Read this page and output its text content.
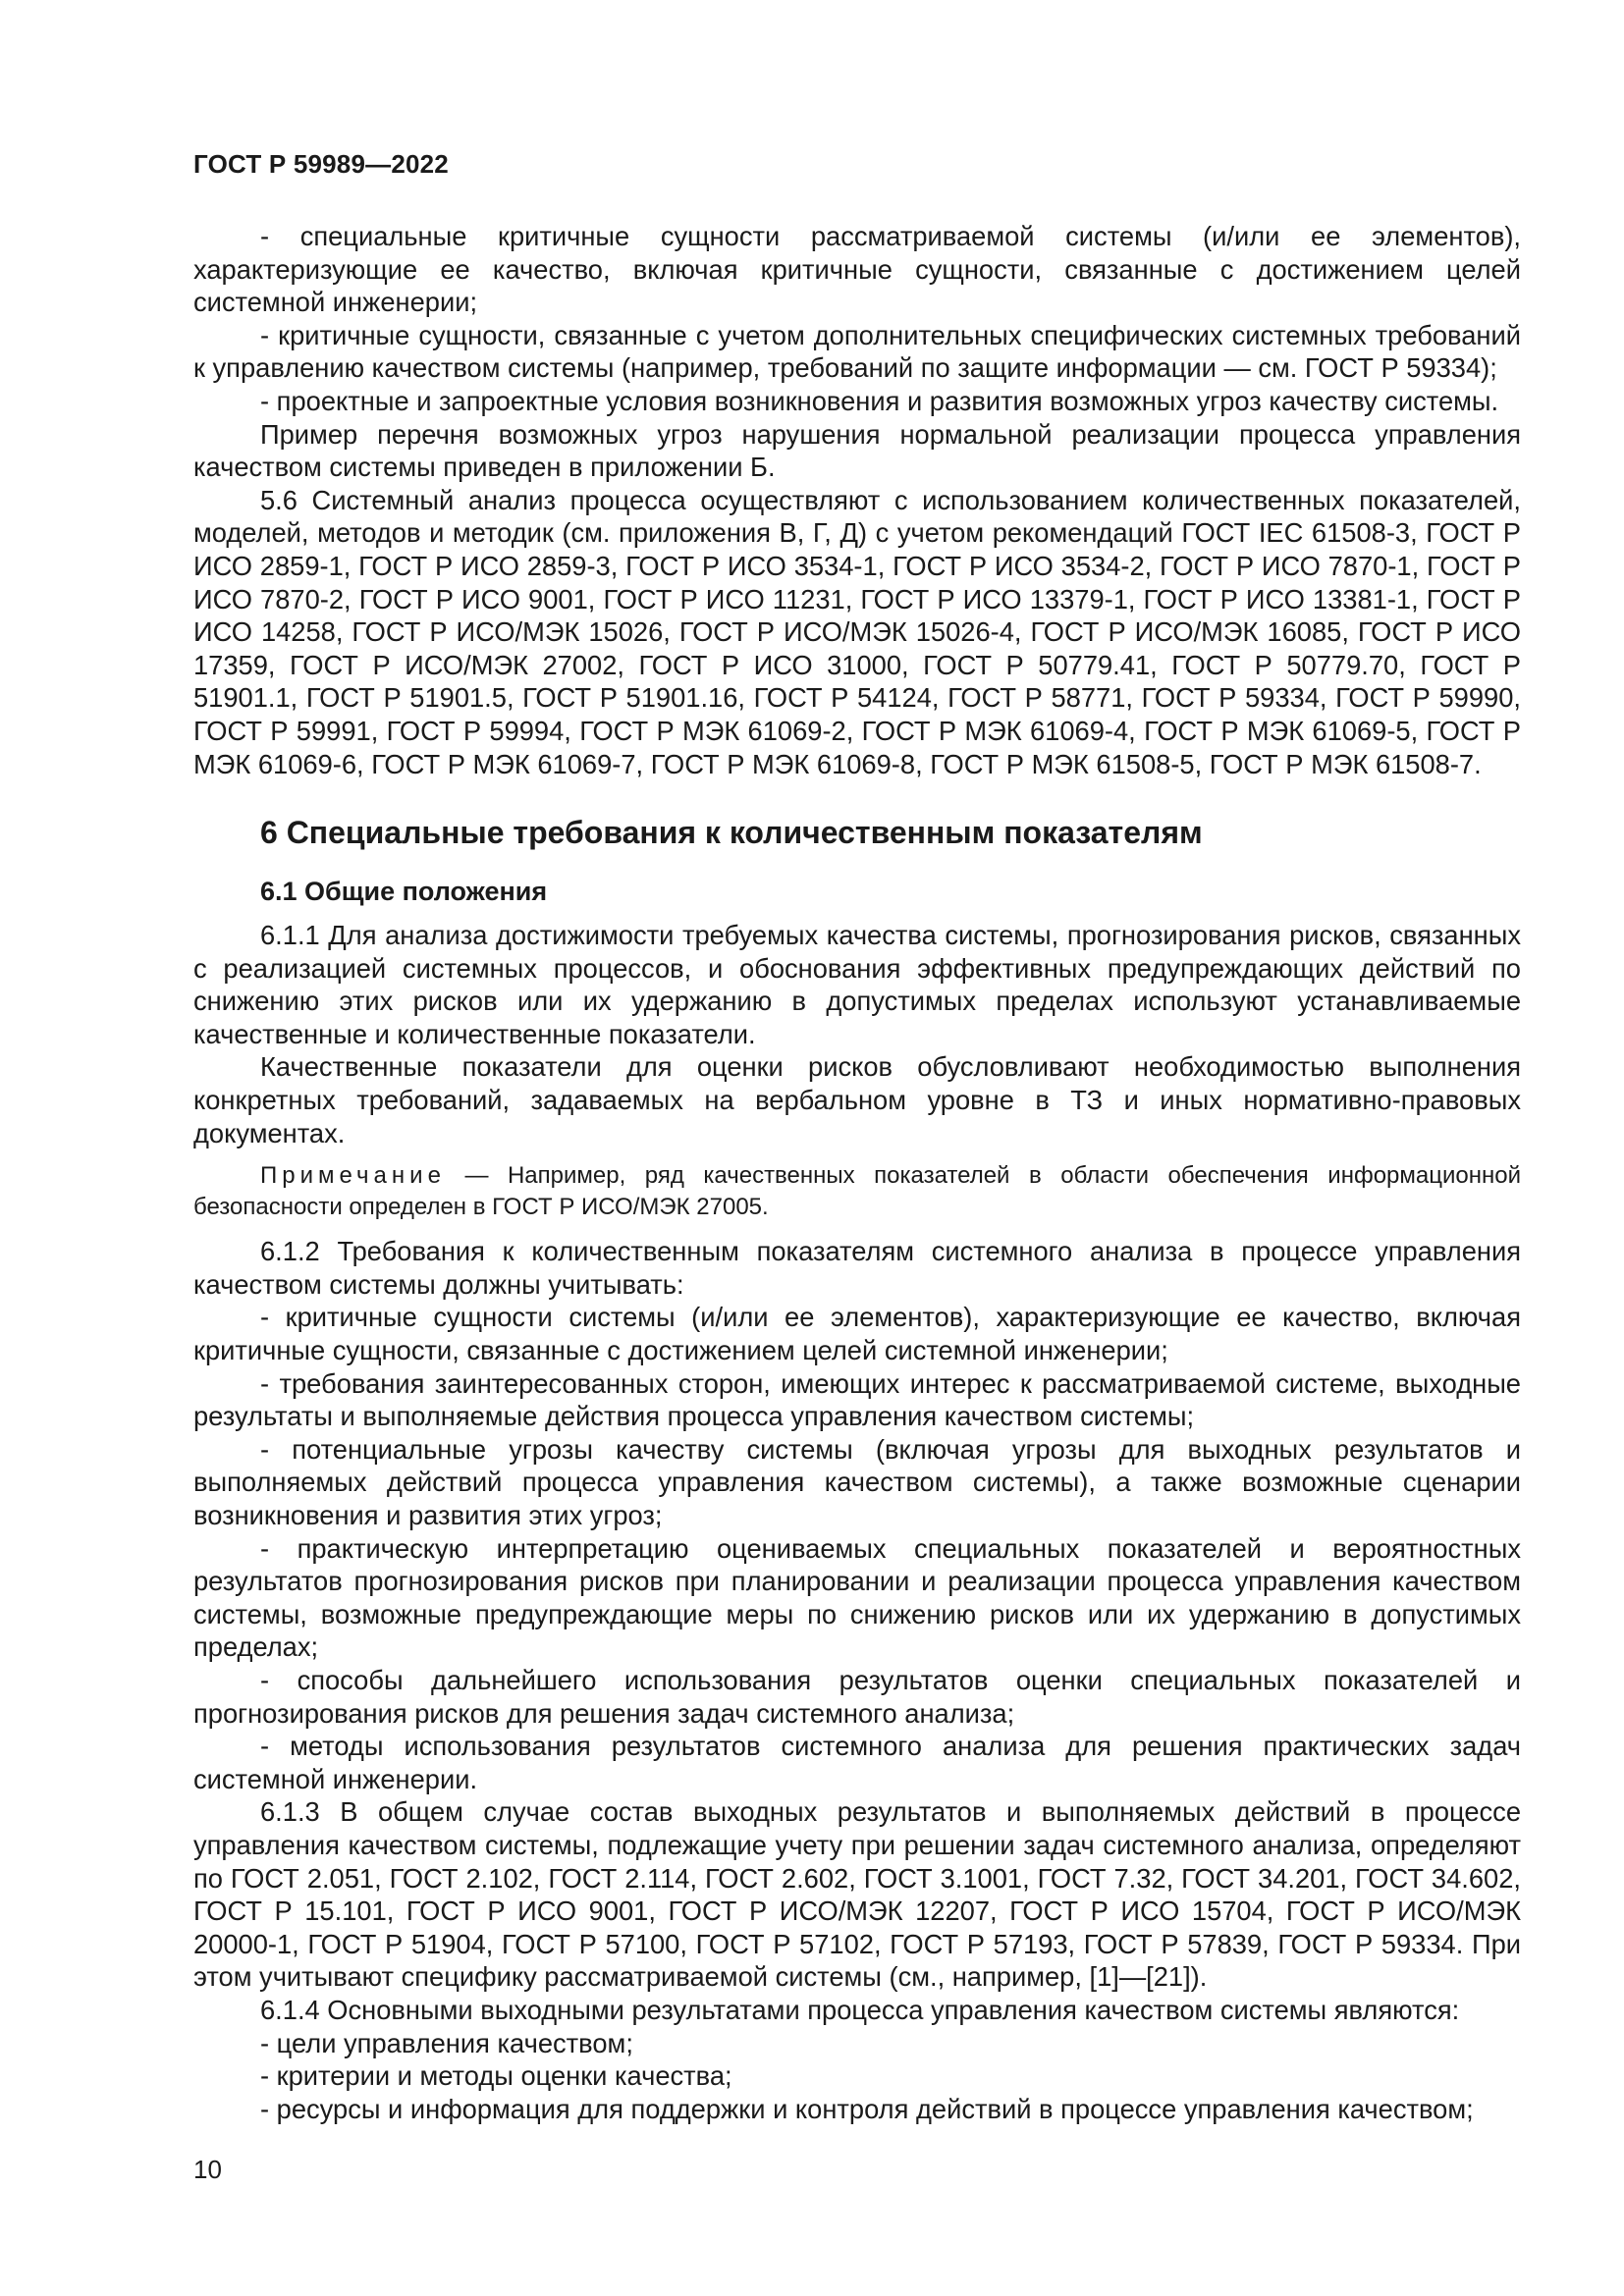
ГОСТ Р 59989—2022

- специальные критичные сущности рассматриваемой системы (и/или ее элементов), характеризующие ее качество, включая критичные сущности, связанные с достижением целей системной инженерии;

- критичные сущности, связанные с учетом дополнительных специфических системных требований к управлению качеством системы (например, требований по защите информации — см. ГОСТ Р 59334);

- проектные и запроектные условия возникновения и развития возможных угроз качеству системы.

Пример перечня возможных угроз нарушения нормальной реализации процесса управления качеством системы приведен в приложении Б.

5.6 Системный анализ процесса осуществляют с использованием количественных показателей, моделей, методов и методик (см. приложения В, Г, Д) с учетом рекомендаций ГОСТ IEC 61508-3, ГОСТ Р ИСО 2859-1, ГОСТ Р ИСО 2859-3, ГОСТ Р ИСО 3534-1, ГОСТ Р ИСО 3534-2, ГОСТ Р ИСО 7870-1, ГОСТ Р ИСО 7870-2, ГОСТ Р ИСО 9001, ГОСТ Р ИСО 11231, ГОСТ Р ИСО 13379-1, ГОСТ Р ИСО 13381-1, ГОСТ Р ИСО 14258, ГОСТ Р ИСО/МЭК 15026, ГОСТ Р ИСО/МЭК 15026-4, ГОСТ Р ИСО/МЭК 16085, ГОСТ Р ИСО 17359, ГОСТ Р ИСО/МЭК 27002, ГОСТ Р ИСО 31000, ГОСТ Р 50779.41, ГОСТ Р 50779.70, ГОСТ Р 51901.1, ГОСТ Р 51901.5, ГОСТ Р 51901.16, ГОСТ Р 54124, ГОСТ Р 58771, ГОСТ Р 59334, ГОСТ Р 59990, ГОСТ Р 59991, ГОСТ Р 59994, ГОСТ Р МЭК 61069-2, ГОСТ Р МЭК 61069-4, ГОСТ Р МЭК 61069-5, ГОСТ Р МЭК 61069-6, ГОСТ Р МЭК 61069-7, ГОСТ Р МЭК 61069-8, ГОСТ Р МЭК 61508-5, ГОСТ Р МЭК 61508-7.

6 Специальные требования к количественным показателям
6.1 Общие положения

6.1.1 Для анализа достижимости требуемых качества системы, прогнозирования рисков, связанных с реализацией системных процессов, и обоснования эффективных предупреждающих действий по снижению этих рисков или их удержанию в допустимых пределах используют устанавливаемые качественные и количественные показатели.

Качественные показатели для оценки рисков обусловливают необходимостью выполнения конкретных требований, задаваемых на вербальном уровне в ТЗ и иных нормативно-правовых документах.

Примечание — Например, ряд качественных показателей в области обеспечения информационной безопасности определен в ГОСТ Р ИСО/МЭК 27005.

6.1.2 Требования к количественным показателям системного анализа в процессе управления качеством системы должны учитывать:

- критичные сущности системы (и/или ее элементов), характеризующие ее качество, включая критичные сущности, связанные с достижением целей системной инженерии;

- требования заинтересованных сторон, имеющих интерес к рассматриваемой системе, выходные результаты и выполняемые действия процесса управления качеством системы;

- потенциальные угрозы качеству системы (включая угрозы для выходных результатов и выполняемых действий процесса управления качеством системы), а также возможные сценарии возникновения и развития этих угроз;

- практическую интерпретацию оцениваемых специальных показателей и вероятностных результатов прогнозирования рисков при планировании и реализации процесса управления качеством системы, возможные предупреждающие меры по снижению рисков или их удержанию в допустимых пределах;

- способы дальнейшего использования результатов оценки специальных показателей и прогнозирования рисков для решения задач системного анализа;

- методы использования результатов системного анализа для решения практических задач системной инженерии.

6.1.3 В общем случае состав выходных результатов и выполняемых действий в процессе управления качеством системы, подлежащие учету при решении задач системного анализа, определяют по ГОСТ 2.051, ГОСТ 2.102, ГОСТ 2.114, ГОСТ 2.602, ГОСТ 3.1001, ГОСТ 7.32, ГОСТ 34.201, ГОСТ 34.602, ГОСТ Р 15.101, ГОСТ Р ИСО 9001, ГОСТ Р ИСО/МЭК 12207, ГОСТ Р ИСО 15704, ГОСТ Р ИСО/МЭК 20000-1, ГОСТ Р 51904, ГОСТ Р 57100, ГОСТ Р 57102, ГОСТ Р 57193, ГОСТ Р 57839, ГОСТ Р 59334. При этом учитывают специфику рассматриваемой системы (см., например, [1]—[21]).

6.1.4 Основными выходными результатами процесса управления качеством системы являются:

- цели управления качеством;

- критерии и методы оценки качества;

- ресурсы и информация для поддержки и контроля действий в процессе управления качеством;

10
